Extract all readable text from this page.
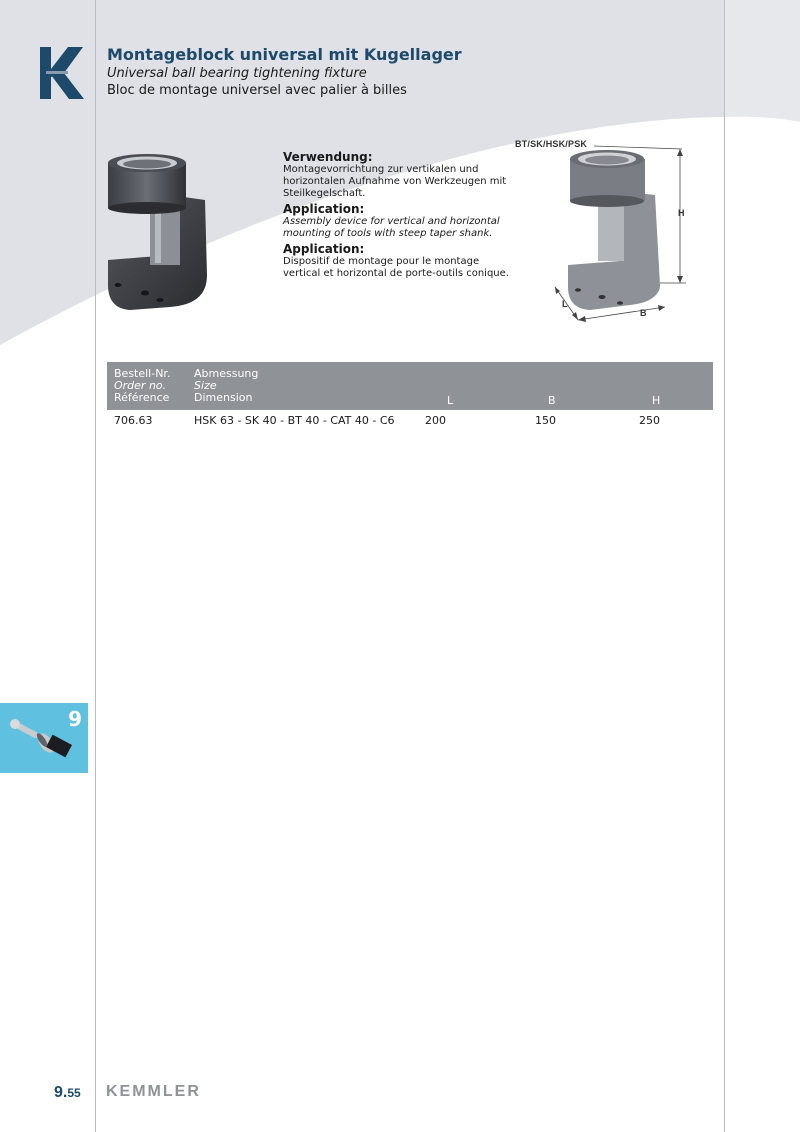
Montageblock universal mit Kugellager
Universal ball bearing tightening fixture
Bloc de montage universel avec palier à billes
Verwendung:
Montagevorrichtung zur vertikalen und horizontalen Aufnahme von Werkzeugen mit Steilkegelschaft.
Application:
Assembly device for vertical and horizontal mounting of tools with steep taper shank.
Application:
Dispositif de montage pour le montage vertical et horizontal de porte-outils conique.
H
L
B
BT/SK/HSK/PSK
Bestell-Nr.
Order no.
Référence
Abmessung
Size
Dimension	L	B	H
706.63	HSK 63 - SK 40 - BT 40 - CAT 40 - C6	200	150	250
9
9.55 KEMMLER
